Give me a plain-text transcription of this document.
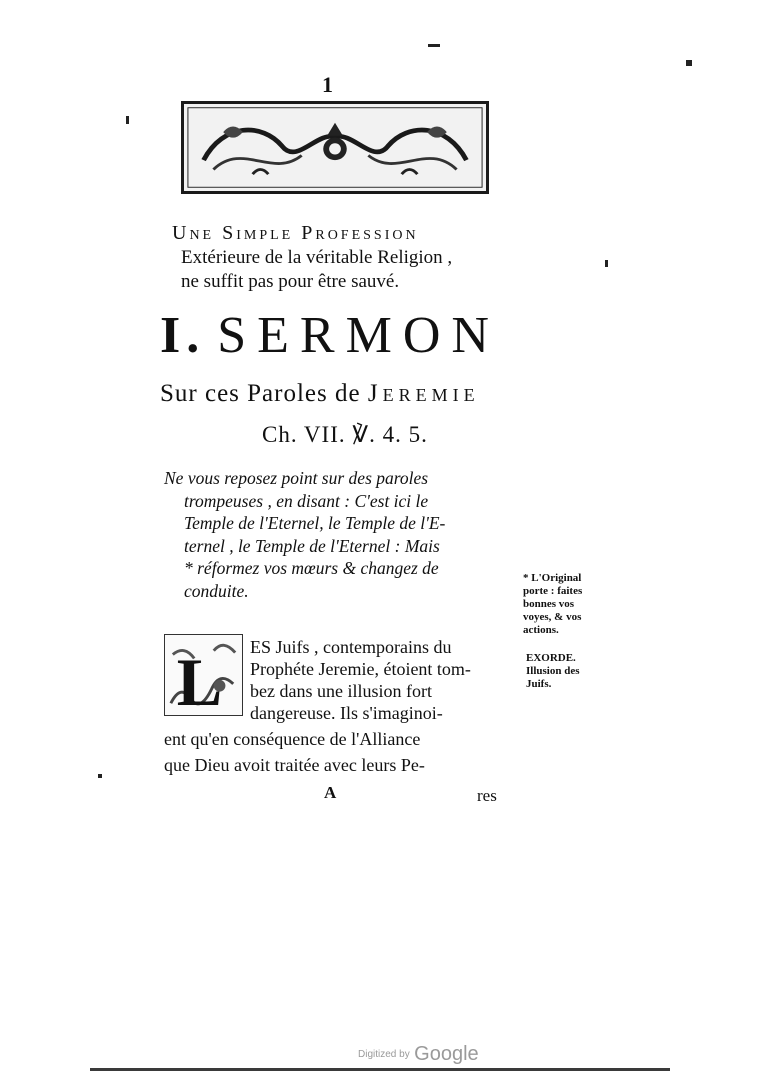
1
Une Simple Profession
Extérieure de la véritable Religion ,
ne suffit pas pour être sauvé.
I. SERMON
Sur ces Paroles de Jeremie
Ch. VII. ℣. 4. 5.
Ne vous reposez point sur des paroles
trompeuses , en disant : C'est ici le
Temple de l'Eternel, le Temple de l'E-
ternel , le Temple de l'Eternel : Mais
* réformez vos mœurs & changez de
conduite.
* L'Original
porte : faites
bonnes vos
voyes, & vos
actions.
EXORDE.
Illusion des
Juifs.
L ES Juifs , contemporains du
Prophéte Jeremie, étoient tom-
bez dans une illusion fort
dangereuse. Ils s'imaginoi-
ent qu'en conséquence de l'Alliance
que Dieu avoit traitée avec leurs Pe-
A	res
Digitized by Google
